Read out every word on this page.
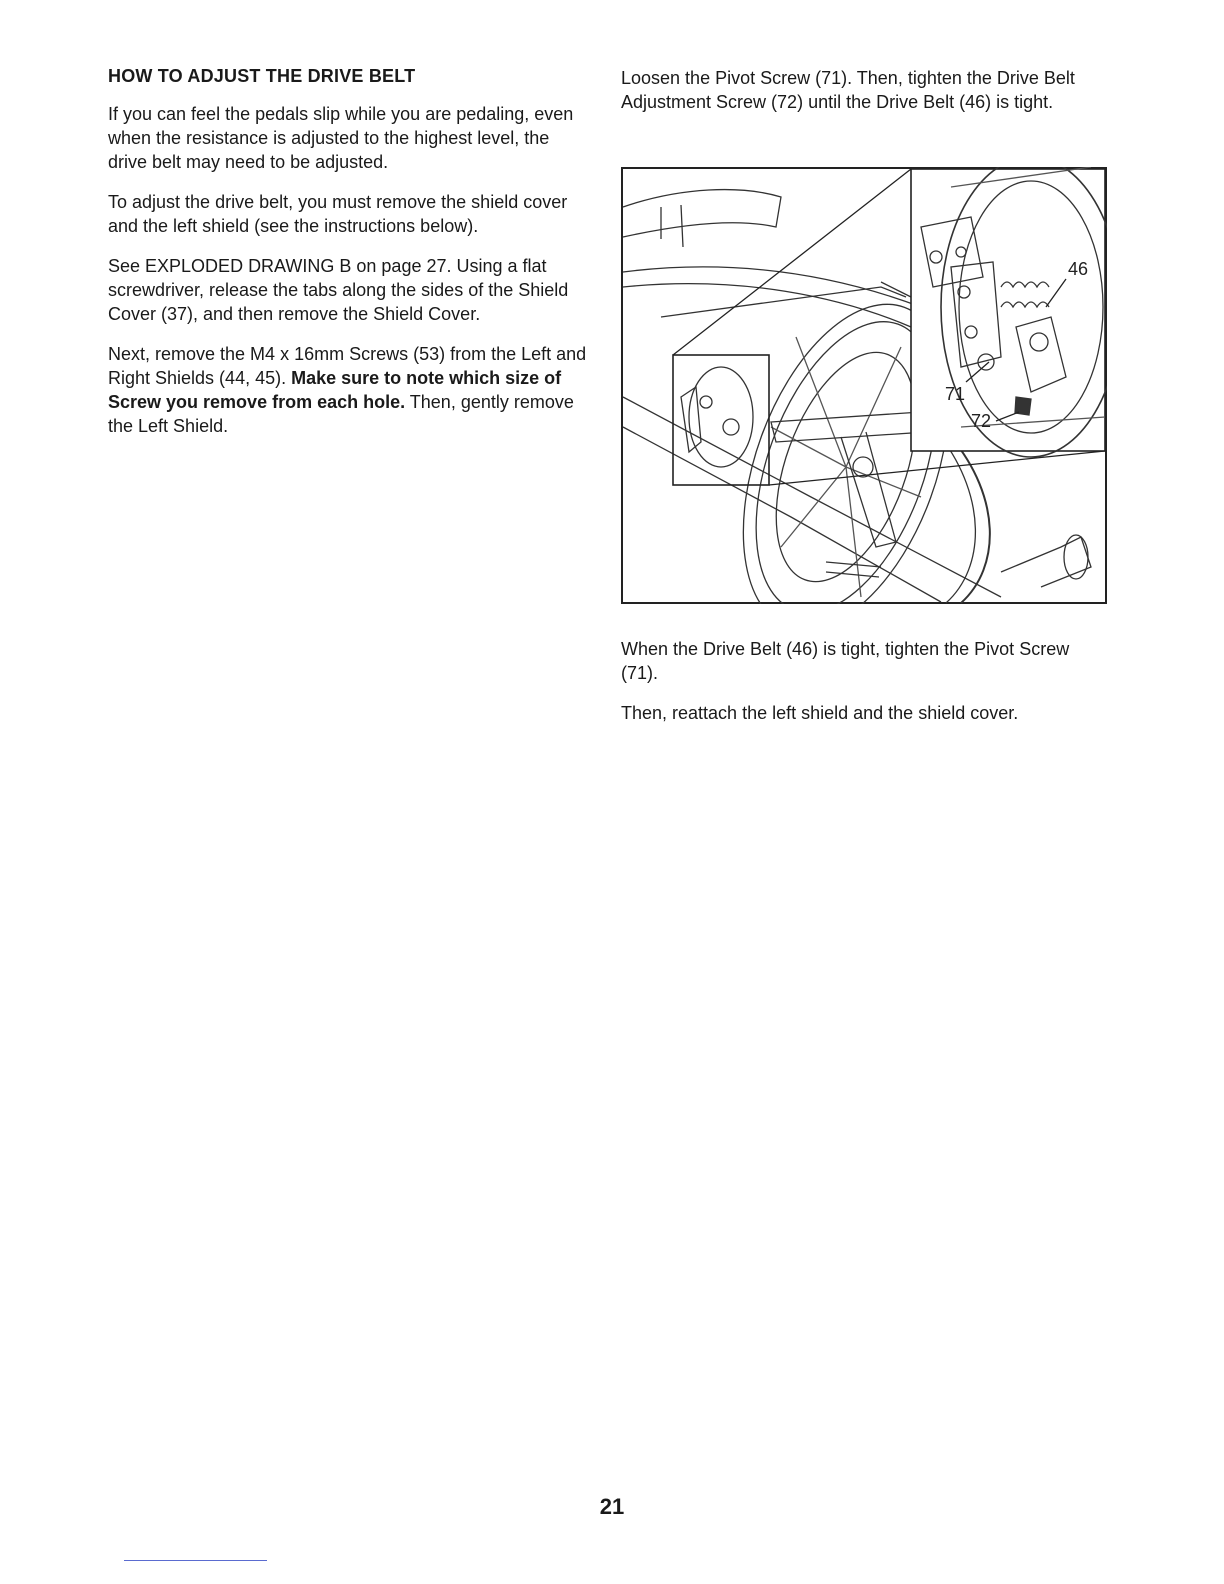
HOW TO ADJUST THE DRIVE BELT

If you can feel the pedals slip while you are pedaling, even when the resistance is adjusted to the highest level, the drive belt may need to be adjusted.

To adjust the drive belt, you must remove the shield cover and the left shield (see the instructions below).

See EXPLODED DRAWING B on page 27. Using a flat screwdriver, release the tabs along the sides of the Shield Cover (37), and then remove the Shield Cover.

Next, remove the M4 x 16mm Screws (53) from the Left and Right Shields (44, 45). Make sure to note which size of Screw you remove from each hole. Then, gently remove the Left Shield.

Loosen the Pivot Screw (71). Then, tighten the Drive Belt Adjustment Screw (72) until the Drive Belt (46) is tight.

46
71
72

When the Drive Belt (46) is tight, tighten the Pivot Screw (71).

Then, reattach the left shield and the shield cover.

21
